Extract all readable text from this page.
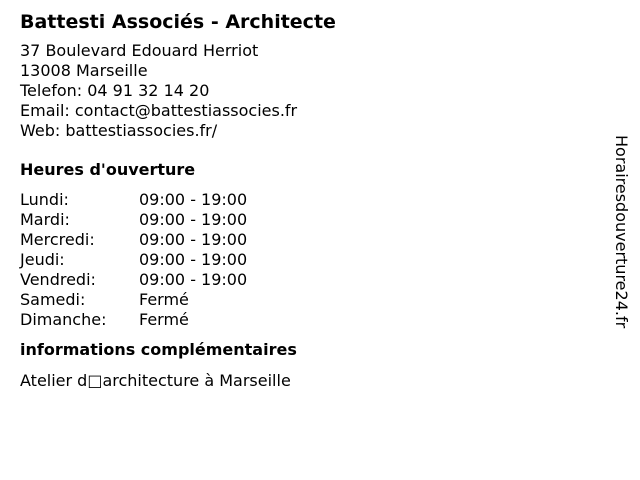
Battesti Associés - Architecte
37 Boulevard Edouard Herriot
13008 Marseille
Telefon: 04 91 32 14 20
Email: contact@battestiassocies.fr
Web: battestiassocies.fr/
Heures d'ouverture
Lundi:	09:00 - 19:00
Mardi:	09:00 - 19:00
Mercredi:	09:00 - 19:00
Jeudi:	09:00 - 19:00
Vendredi:	09:00 - 19:00
Samedi:	Fermé
Dimanche:	Fermé
informations complémentaires
Atelier d□architecture à Marseille
Horairesdouverture24.fr
